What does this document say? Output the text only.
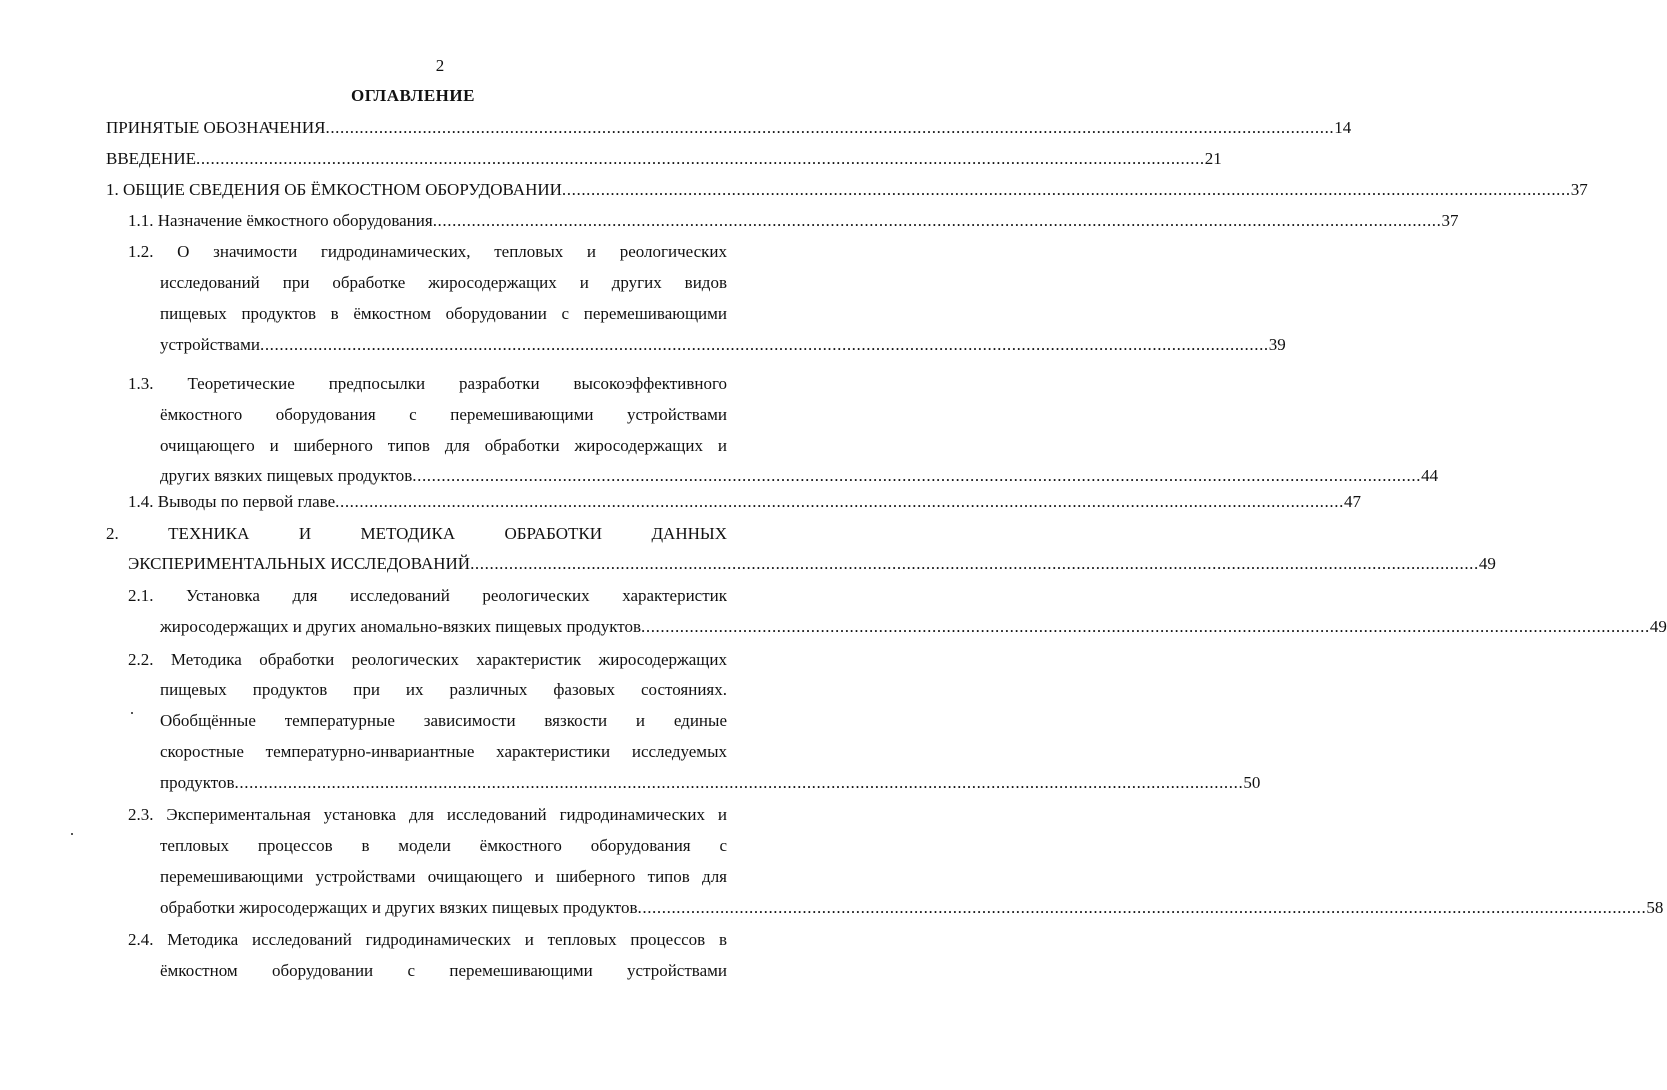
2
ОГЛАВЛЕНИЕ
ПРИНЯТЫЕ ОБОЗНАЧЕНИЯ ................................................................................................................................................................................................................ 14
ВВЕДЕНИЕ ................................................................................................................................................................................................................ 21
1. ОБЩИЕ СВЕДЕНИЯ ОБ ЁМКОСТНОМ ОБОРУДОВАНИИ ................................................................................................................................................................................................................ 37
1.1. Назначение ёмкостного оборудования ................................................................................................................................................................................................................ 37
1.2. О значимости гидродинамических, тепловых и реологических
исследований при обработке жиросодержащих и других видов
пищевых продуктов в ёмкостном оборудовании с перемешивающими
устройствами ................................................................................................................................................................................................................ 39
1.3. Теоретические предпосылки разработки высокоэффективного
ёмкостного оборудования с перемешивающими устройствами
очищающего и шиберного типов для обработки жиросодержащих и
других вязких пищевых продуктов ................................................................................................................................................................................................................ 44
1.4. Выводы по первой главе ................................................................................................................................................................................................................ 47
2. ТЕХНИКА И МЕТОДИКА ОБРАБОТКИ ДАННЫХ
ЭКСПЕРИМЕНТАЛЬНЫХ ИССЛЕДОВАНИЙ ................................................................................................................................................................................................................ 49
2.1. Установка для исследований реологических характеристик
жиросодержащих и других аномально-вязких пищевых продуктов ................................................................................................................................................................................................................ 49
2.2. Методика обработки реологических характеристик жиросодержащих
пищевых продуктов при их различных фазовых состояниях.
Обобщённые температурные зависимости вязкости и единые
скоростные температурно-инвариантные характеристики исследуемых
продуктов ................................................................................................................................................................................................................ 50
2.3. Экспериментальная установка для исследований гидродинамических и
тепловых процессов в модели ёмкостного оборудования с
перемешивающими устройствами очищающего и шиберного типов для
обработки жиросодержащих и других вязких пищевых продуктов ................................................................................................................................................................................................................ 58
2.4. Методика исследований гидродинамических и тепловых процессов в
ёмкостном оборудовании с перемешивающими устройствами
